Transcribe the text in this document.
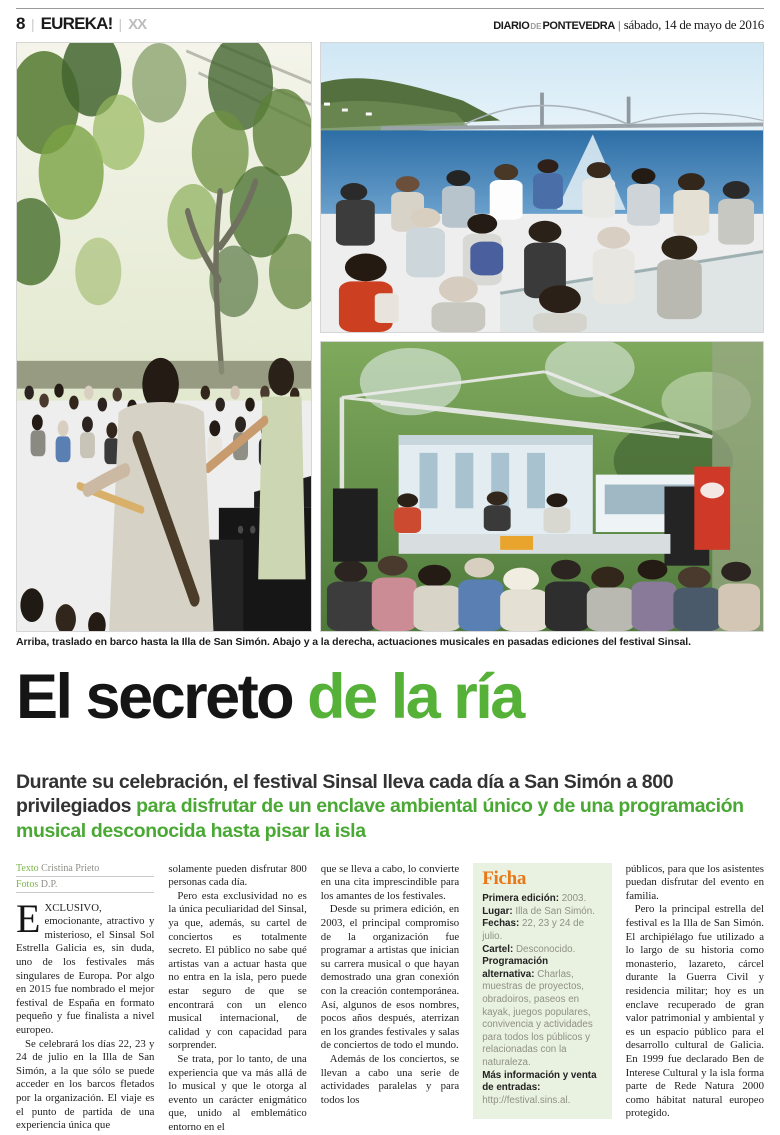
8 | EUREKA! | XX	DIARIO DE PONTEVEDRA | sábado, 14 de mayo de 2016
Arriba, traslado en barco hasta la Illa de San Simón. Abajo y a la derecha, actuaciones musicales en pasadas ediciones del festival Sinsal.
El secreto de la ría

Durante su celebración, el festival Sinsal lleva cada día a San Simón a 800 privilegiados para disfrutar de un enclave ambiental único y de una programación musical desconocida hasta pisar la isla

Texto Cristina Prieto
Fotos D.P.

EXCLUSIVO, emocionante, atractivo y misterioso, el Sinsal Sol Estrella Galicia es, sin duda, uno de los festivales más singulares de Europa. Por algo en 2015 fue nombrado el mejor festival de España en formato pequeño y fue finalista a nivel europeo.

Se celebrará los días 22, 23 y 24 de julio en la Illa de San Simón, a la que sólo se puede acceder en los barcos fletados por la organización. El viaje es el punto de partida de una experiencia única que

solamente pueden disfrutar 800 personas cada día.

Pero esta exclusividad no es la única peculiaridad del Sinsal, ya que, además, su cartel de conciertos es totalmente secreto. El público no sabe qué artistas van a actuar hasta que no entra en la isla, pero puede estar seguro de que se encontrará con un elenco musical internacional, de calidad y con capacidad para sorprender.

Se trata, por lo tanto, de una experiencia que va más allá de lo musical y que le otorga al evento un carácter enigmático que, unido al emblemático entorno en el

que se lleva a cabo, lo convierte en una cita imprescindible para los amantes de los festivales.

Desde su primera edición, en 2003, el principal compromiso de la organización fue programar a artistas que inician su carrera musical o que hayan demostrado una gran conexión con la creación contemporánea. Así, algunos de esos nombres, pocos años después, aterrizan en los grandes festivales y salas de conciertos de todo el mundo.

Además de los conciertos, se llevan a cabo una serie de actividades paralelas y para todos los

Ficha
Primera edición: 2003.
Lugar: Illa de San Simón.
Fechas: 22, 23 y 24 de julio.
Cartel: Desconocido.
Programación alternativa: Charlas, muestras de proyectos, obradoiros, paseos en kayak, juegos populares, convivencia y actividades para todos los públicos y relacionadas con la naturaleza.
Más información y venta de entradas: http://festival.sins.al.

públicos, para que los asistentes puedan disfrutar del evento en familia.

Pero la principal estrella del festival es la Illa de San Simón. El archipiélago fue utilizado a lo largo de su historia como monasterio, lazareto, cárcel durante la Guerra Civil y residencia militar; hoy es un enclave recuperado de gran valor patrimonial y ambiental y es un espacio público para el desarrollo cultural de Galicia. En 1999 fue declarado Ben de Interese Cultural y la isla forma parte de Rede Natura 2000 como hábitat natural europeo protegido.
